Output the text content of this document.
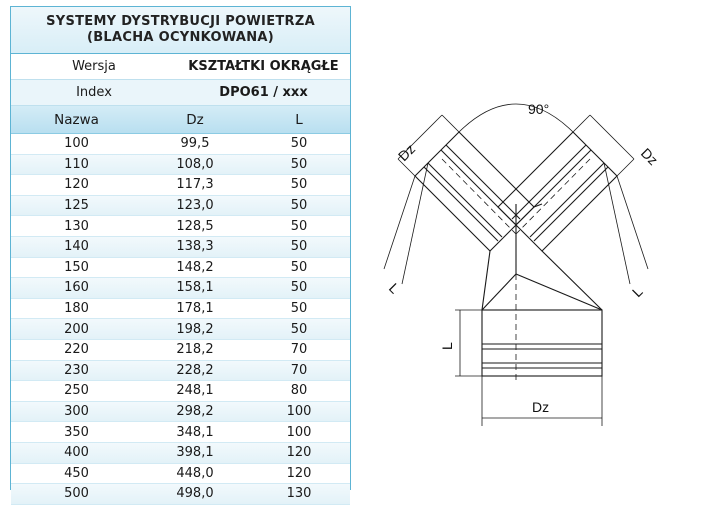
SYSTEMY DYSTRYBUCJI POWIETRZA
(BLACHA OCYNKOWANA)
Wersja	KSZTAŁTKI OKRĄGŁE
Index	DPO61 / xxx
Nazwa	Dz	L
100	99,5	50
110	108,0	50
120	117,3	50
125	123,0	50
130	128,5	50
140	138,3	50
150	148,2	50
160	158,1	50
180	178,1	50
200	198,2	50
220	218,2	70
230	228,2	70
250	248,1	80
300	298,2	100
350	348,1	100
400	398,1	120
450	448,0	120
500	498,0	130
90°
Dz	Dz
Dz
L	L
L
